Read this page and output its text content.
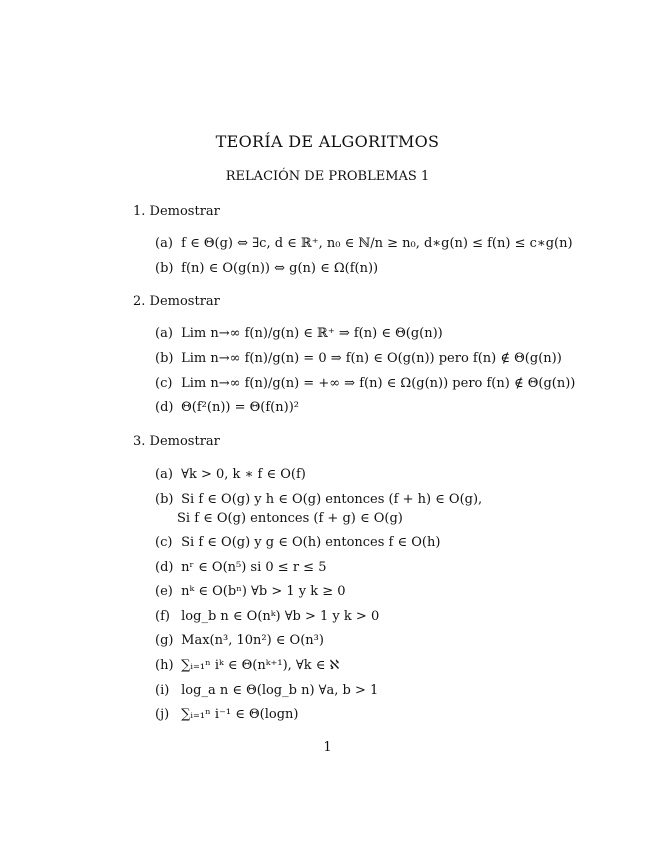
TEORÍA DE ALGORITMOS
RELACIÓN DE PROBLEMAS 1
1. Demostrar
(a) f ∈ Θ(g) ⇔ ∃c, d ∈ ℝ⁺, n₀ ∈ ℕ/n ≥ n₀, d∗g(n) ≤ f(n) ≤ c∗g(n)
(b) f(n) ∈ O(g(n)) ⇔ g(n) ∈ Ω(f(n))
2. Demostrar
(a) Lim n→∞ f(n)/g(n) ∈ ℝ⁺ ⇒ f(n) ∈ Θ(g(n))
(b) Lim n→∞ f(n)/g(n) = 0 ⇒ f(n) ∈ O(g(n)) pero f(n) ∉ Θ(g(n))
(c) Lim n→∞ f(n)/g(n) = +∞ ⇒ f(n) ∈ Ω(g(n)) pero f(n) ∉ Θ(g(n))
(d) Θ(f²(n)) = Θ(f(n))²
3. Demostrar
(a) ∀k > 0, k ∗ f ∈ O(f)
(b) Si f ∈ O(g) y h ∈ O(g) entonces (f + h) ∈ O(g),
Si f ∈ O(g) entonces (f + g) ∈ O(g)
(c) Si f ∈ O(g) y g ∈ O(h) entonces f ∈ O(h)
(d) nʳ ∈ O(n⁵) si 0 ≤ r ≤ 5
(e) nᵏ ∈ O(bⁿ) ∀b > 1 y k ≥ 0
(f) log_b n ∈ O(nᵏ) ∀b > 1 y k > 0
(g) Max(n³, 10n²) ∈ O(n³)
(h) ∑ᵢ₌₁ⁿ iᵏ ∈ Θ(nᵏ⁺¹), ∀k ∈ ℵ
(i) log_a n ∈ Θ(log_b n) ∀a, b > 1
(j) ∑ᵢ₌₁ⁿ i⁻¹ ∈ Θ(logn)
1
